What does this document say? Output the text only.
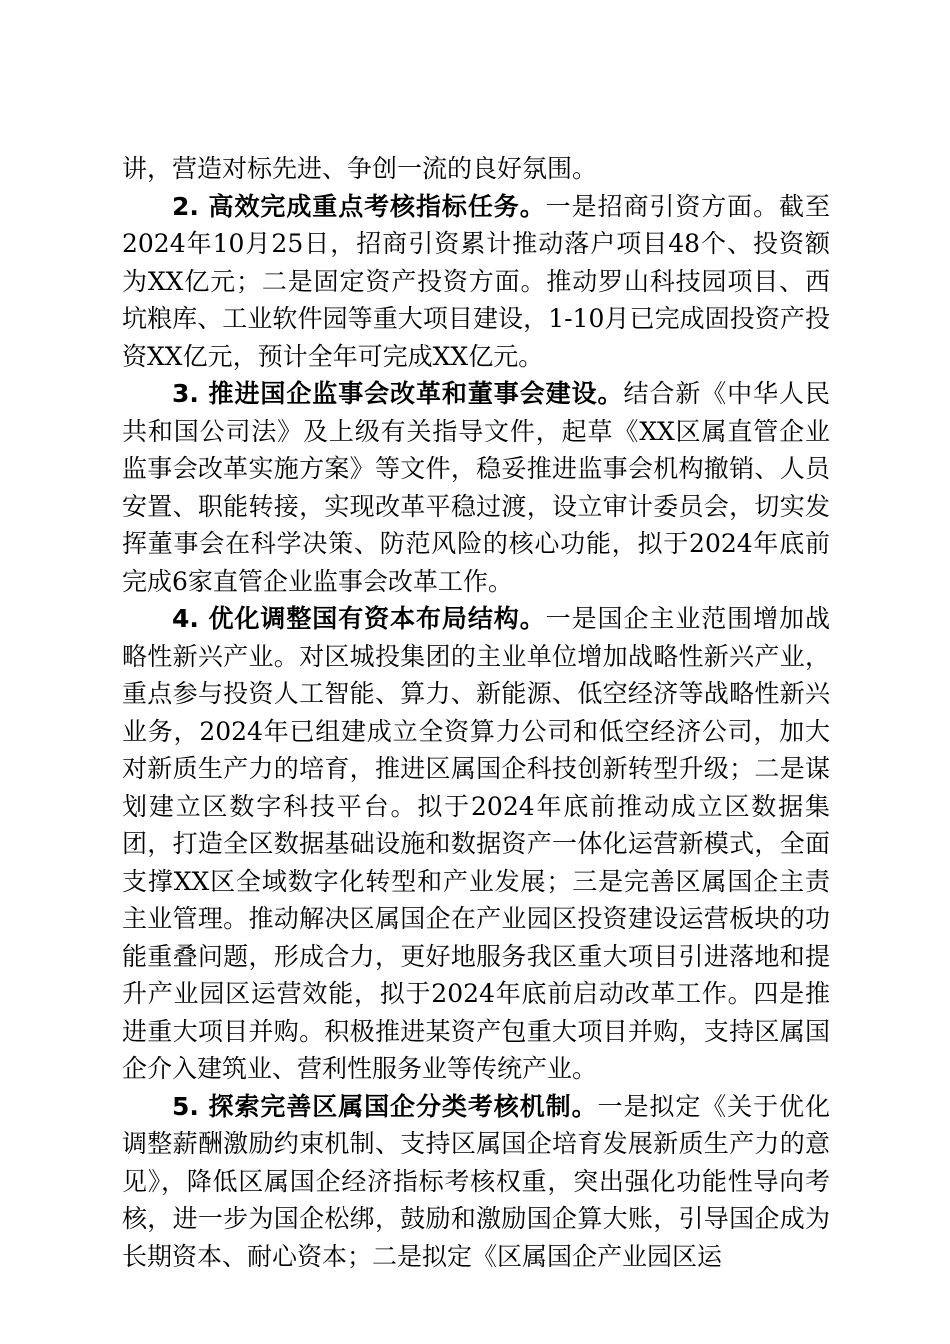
讲，营造对标先进、争创一流的良好氛围。

2. 高效完成重点考核指标任务。一是招商引资方面。截至2024年10月25日，招商引资累计推动落户项目48个、投资额为XX亿元；二是固定资产投资方面。推动罗山科技园项目、西坑粮库、工业软件园等重大项目建设，1-10月已完成固投资产投资XX亿元，预计全年可完成XX亿元。

3. 推进国企监事会改革和董事会建设。结合新《中华人民共和国公司法》及上级有关指导文件，起草《XX区属直管企业监事会改革实施方案》等文件，稳妥推进监事会机构撤销、人员安置、职能转接，实现改革平稳过渡，设立审计委员会，切实发挥董事会在科学决策、防范风险的核心功能，拟于2024年底前完成6家直管企业监事会改革工作。

4. 优化调整国有资本布局结构。一是国企主业范围增加战略性新兴产业。对区城投集团的主业单位增加战略性新兴产业，重点参与投资人工智能、算力、新能源、低空经济等战略性新兴业务，2024年已组建成立全资算力公司和低空经济公司，加大对新质生产力的培育，推进区属国企科技创新转型升级；二是谋划建立区数字科技平台。拟于2024年底前推动成立区数据集团，打造全区数据基础设施和数据资产一体化运营新模式，全面支撑XX区全域数字化转型和产业发展；三是完善区属国企主责主业管理。推动解决区属国企在产业园区投资建设运营板块的功能重叠问题，形成合力，更好地服务我区重大项目引进落地和提升产业园区运营效能，拟于2024年底前启动改革工作。四是推进重大项目并购。积极推进某资产包重大项目并购，支持区属国企介入建筑业、营利性服务业等传统产业。

5. 探索完善区属国企分类考核机制。一是拟定《关于优化调整薪酬激励约束机制、支持区属国企培育发展新质生产力的意见》，降低区属国企经济指标考核权重，突出强化功能性导向考核，进一步为国企松绑，鼓励和激励国企算大账，引导国企成为长期资本、耐心资本；二是拟定《区属国企产业园区运
